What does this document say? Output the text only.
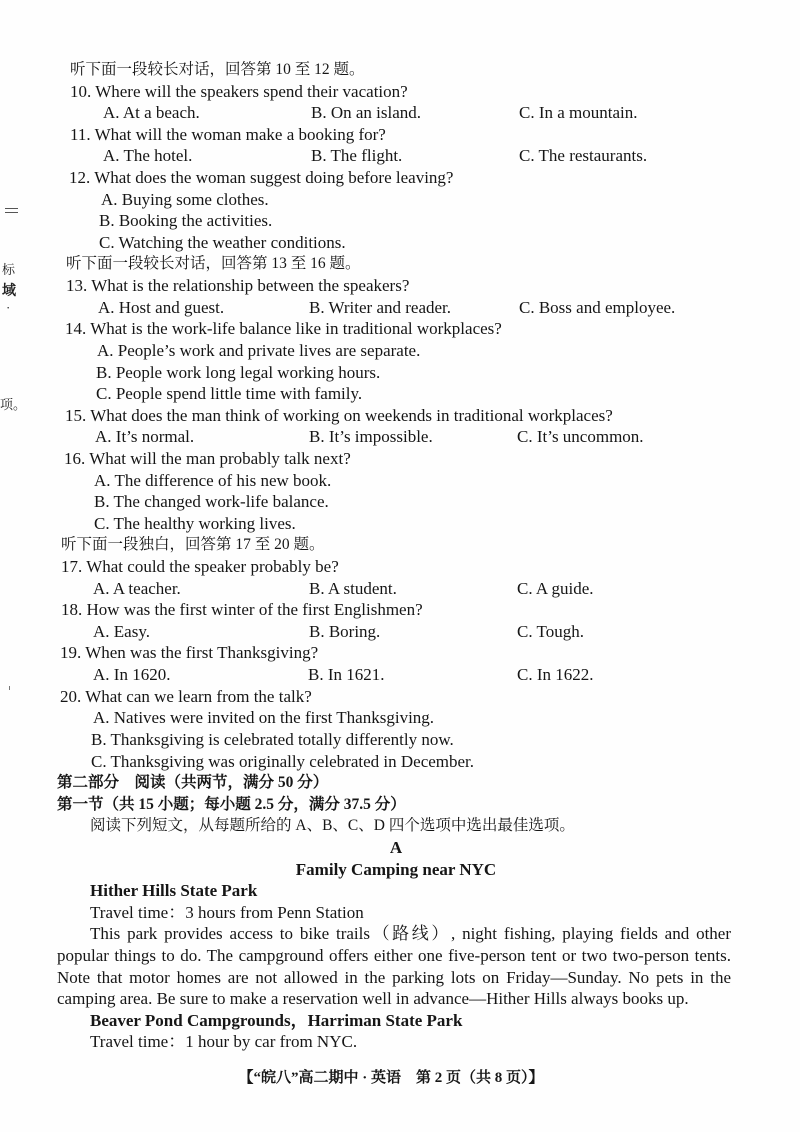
标
域
·
项。
听下面一段较长对话，回答第 10 至 12 题。
10. Where will the speakers spend their vacation?
A. At a beach.	B. On an island.	C. In a mountain.
11. What will the woman make a booking for?
A. The hotel.	B. The flight.	C. The restaurants.
12. What does the woman suggest doing before leaving?
A. Buying some clothes.
B. Booking the activities.
C. Watching the weather conditions.
听下面一段较长对话，回答第 13 至 16 题。
13. What is the relationship between the speakers?
A. Host and guest.	B. Writer and reader.	C. Boss and employee.
14. What is the work-life balance like in traditional workplaces?
A. People’s work and private lives are separate.
B. People work long legal working hours.
C. People spend little time with family.
15. What does the man think of working on weekends in traditional workplaces?
A. It’s normal.	B. It’s impossible.	C. It’s uncommon.
16. What will the man probably talk next?
A. The difference of his new book.
B. The changed work-life balance.
C. The healthy working lives.
听下面一段独白，回答第 17 至 20 题。
17. What could the speaker probably be?
A. A teacher.	B. A student.	C. A guide.
18. How was the first winter of the first Englishmen?
A. Easy.	B. Boring.	C. Tough.
19. When was the first Thanksgiving?
A. In 1620.	B. In 1621.	C. In 1622.
20. What can we learn from the talk?
A. Natives were invited on the first Thanksgiving.
B. Thanksgiving is celebrated totally differently now.
C. Thanksgiving was originally celebrated in December.
第二部分　阅读（共两节，满分 50 分）
第一节（共 15 小题；每小题 2.5 分，满分 37.5 分）
阅读下列短文，从每题所给的 A、B、C、D 四个选项中选出最佳选项。
A
Family Camping near NYC
Hither Hills State Park
Travel time：3 hours from Penn Station
This park provides access to bike trails（路线）, night fishing, playing fields and other
popular things to do. The campground offers either one five-person tent or two two-person tents.
Note that motor homes are not allowed in the parking lots on Friday—Sunday. No pets in the
camping area. Be sure to make a reservation well in advance—Hither Hills always books up.
Beaver Pond Campgrounds，Harriman State Park
Travel time：1 hour by car from NYC.
【“皖八”高二期中 · 英语　第 2 页（共 8 页）】
